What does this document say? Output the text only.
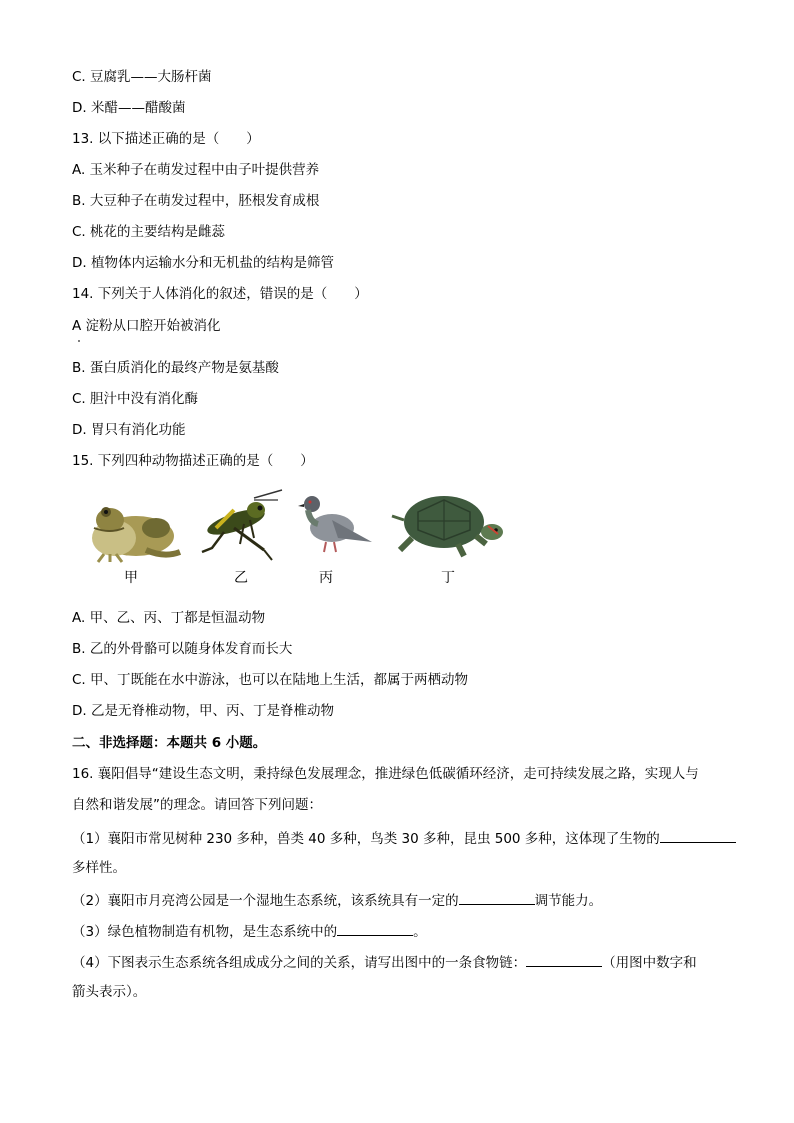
C. 豆腐乳——大肠杆菌
D. 米醋——醋酸菌
13. 以下描述正确的是（　　）
A. 玉米种子在萌发过程中由子叶提供营养
B. 大豆种子在萌发过程中，胚根发育成根
C. 桃花的主要结构是雌蕊
D. 植物体内运输水分和无机盐的结构是筛管
14. 下列关于人体消化的叙述，错误的是（　　）
A 淀粉从口腔开始被消化
B. 蛋白质消化的最终产物是氨基酸
C. 胆汁中没有消化酶
D. 胃只有消化功能
15. 下列四种动物描述正确的是（　　）
甲	乙	丙	丁
A. 甲、乙、丙、丁都是恒温动物
B. 乙的外骨骼可以随身体发育而长大
C. 甲、丁既能在水中游泳，也可以在陆地上生活，都属于两栖动物
D. 乙是无脊椎动物，甲、丙、丁是脊椎动物
二、非选择题：本题共 6 小题。
16. 襄阳倡导“建设生态文明，秉持绿色发展理念，推进绿色低碳循环经济，走可持续发展之路，实现人与
自然和谐发展”的理念。请回答下列问题：
（1）襄阳市常见树种 230 多种，兽类 40 多种，鸟类 30 多种，昆虫 500 多种，这体现了生物的
多样性。
（2）襄阳市月亮湾公园是一个湿地生态系统，该系统具有一定的	调节能力。
（3）绿色植物制造有机物，是生态系统中的	。
（4）下图表示生态系统各组成成分之间的关系，请写出图中的一条食物链：	（用图中数字和
箭头表示）。
